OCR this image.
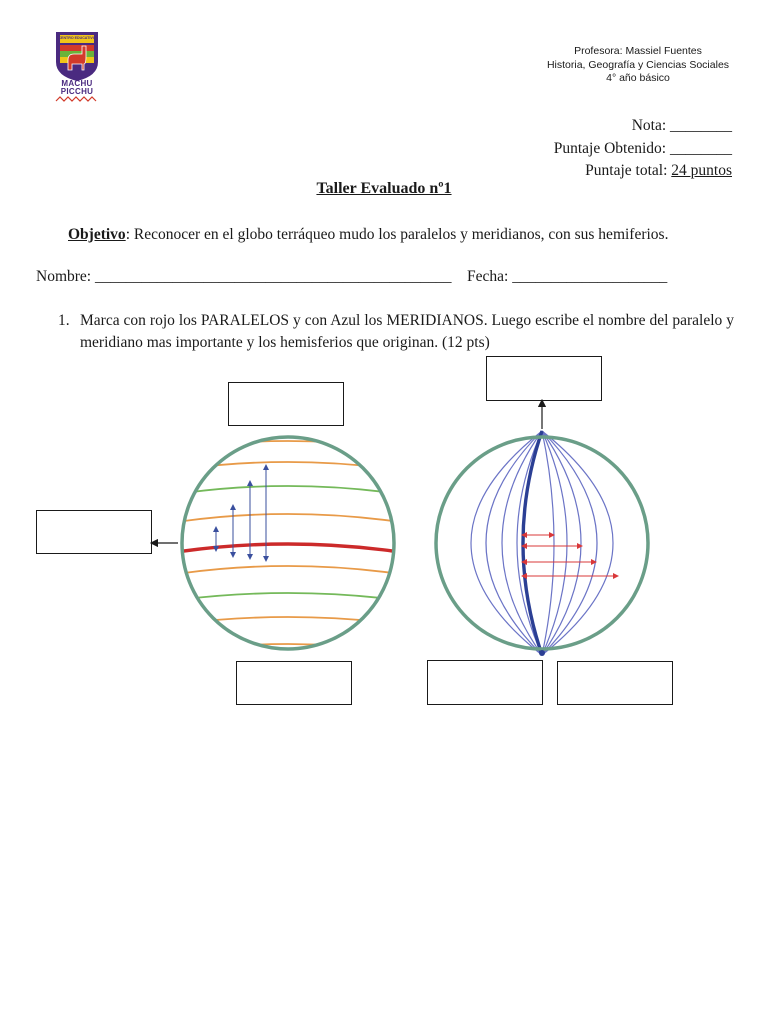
CENTRO EDUCATIVO
MACHU
PICCHU
Profesora: Massiel Fuentes
Historia, Geografía y Ciencias Sociales
4° año básico
Nota: ________
Puntaje Obtenido: ________
Puntaje total: 24 puntos
Taller Evaluado nº1
Objetivo: Reconocer en el globo terráqueo mudo los paralelos y meridianos, con sus hemiferios.
Nombre: ______________________________________________ Fecha: ____________________
1. Marca con rojo los PARALELOS y con Azul los MERIDIANOS. Luego escribe el nombre del paralelo y meridiano mas importante y los hemisferios que originan. (12 pts)
